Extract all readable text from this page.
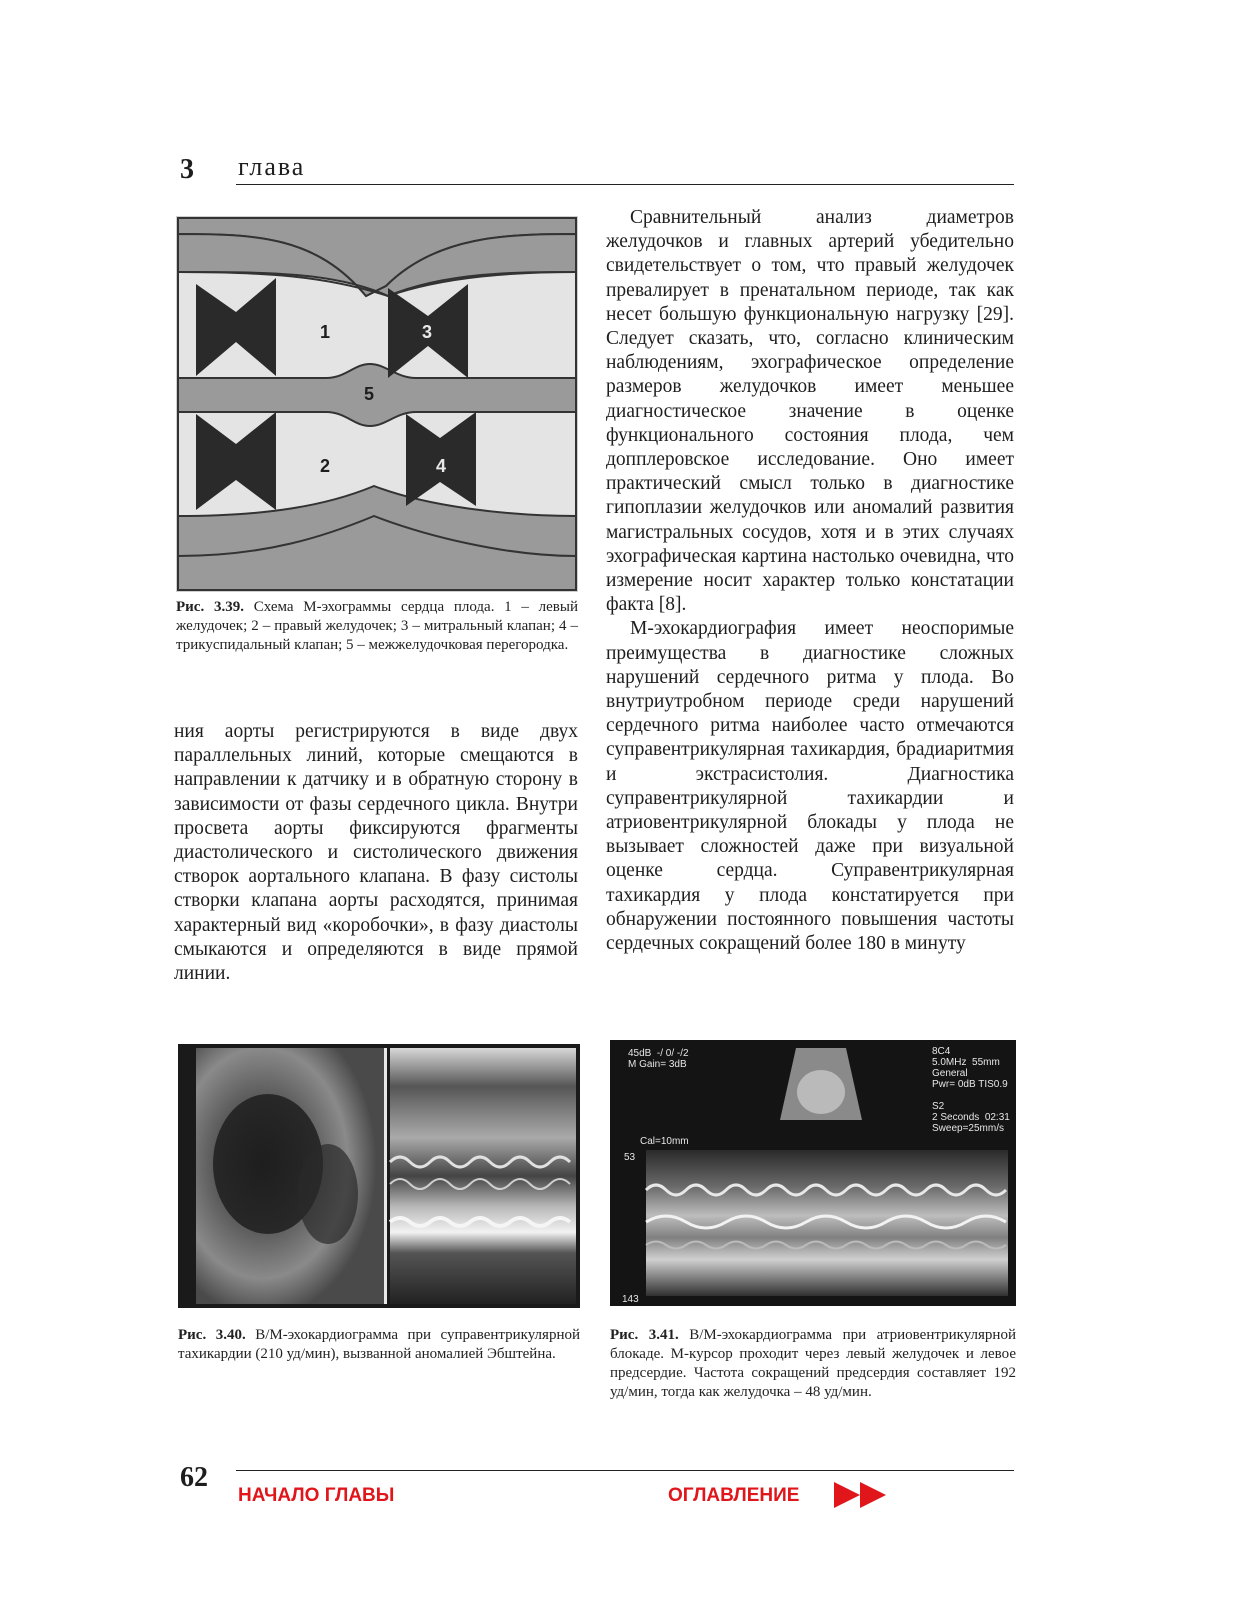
3 глава
1
2
3
4
5
Рис. 3.39. Схема М-эхограммы сердца плода. 1 – левый желудочек; 2 – правый желудочек; 3 – митральный клапан; 4 – трикуспидальный клапан; 5 – межжелудочковая перегородка.

ния аорты регистрируются в виде двух параллельных линий, которые смещаются в направлении к датчику и в обратную сторону в зависимости от фазы сердечного цикла. Внутри просвета аорты фиксируются фрагменты диастолического и систолического движения створок аортального клапана. В фазу систолы створки клапана аорты расходятся, принимая характерный вид «коробочки», в фазу диастолы смыкаются и определяются в виде прямой линии.

Сравнительный анализ диаметров желудочков и главных артерий убедительно свидетельствует о том, что правый желудочек превалирует в пренатальном периоде, так как несет большую функциональную нагрузку [29]. Следует сказать, что, согласно клиническим наблюдениям, эхографическое определение размеров желудочков имеет меньшее диагностическое значение в оценке функционального состояния плода, чем допплеровское исследование. Оно имеет практический смысл только в диагностике гипоплазии желудочков или аномалий развития магистральных сосудов, хотя и в этих случаях эхографическая картина настолько очевидна, что измерение носит характер только констатации факта [8].

М-эхокардиография имеет неоспоримые преимущества в диагностике сложных нарушений сердечного ритма у плода. Во внутриутробном периоде среди нарушений сердечного ритма наиболее часто отмечаются суправентрикулярная тахикардия, брадиаритмия и экстрасистолия. Диагностика суправентрикулярной тахикардии и атриовентрикулярной блокады у плода не вызывает сложностей даже при визуальной оценке сердца. Суправентрикулярная тахикардия у плода констатируется при обнаружении постоянного повышения частоты сердечных сокращений более 180 в минуту

Рис. 3.40. В/М-эхокардиограмма при суправентрикулярной тахикардии (210 уд/мин), вызванной аномалией Эбштейна.
45dB  -/ 0/ -/2
M Gain= 3dB
8C4
5.0MHz  55mm
General
Pwr= 0dB TIS0.9

S2
2 Seconds  02:31
Sweep=25mm/s
Cal=10mm
53
143
Рис. 3.41. В/М-эхокардиограмма при атриовентрикулярной блокаде. М-курсор проходит через левый желудочек и левое предсердие. Частота сокращений предсердия составляет 192 уд/мин, тогда как желудочка – 48 уд/мин.
62
НАЧАЛО ГЛАВЫ	ОГЛАВЛЕНИЕ
